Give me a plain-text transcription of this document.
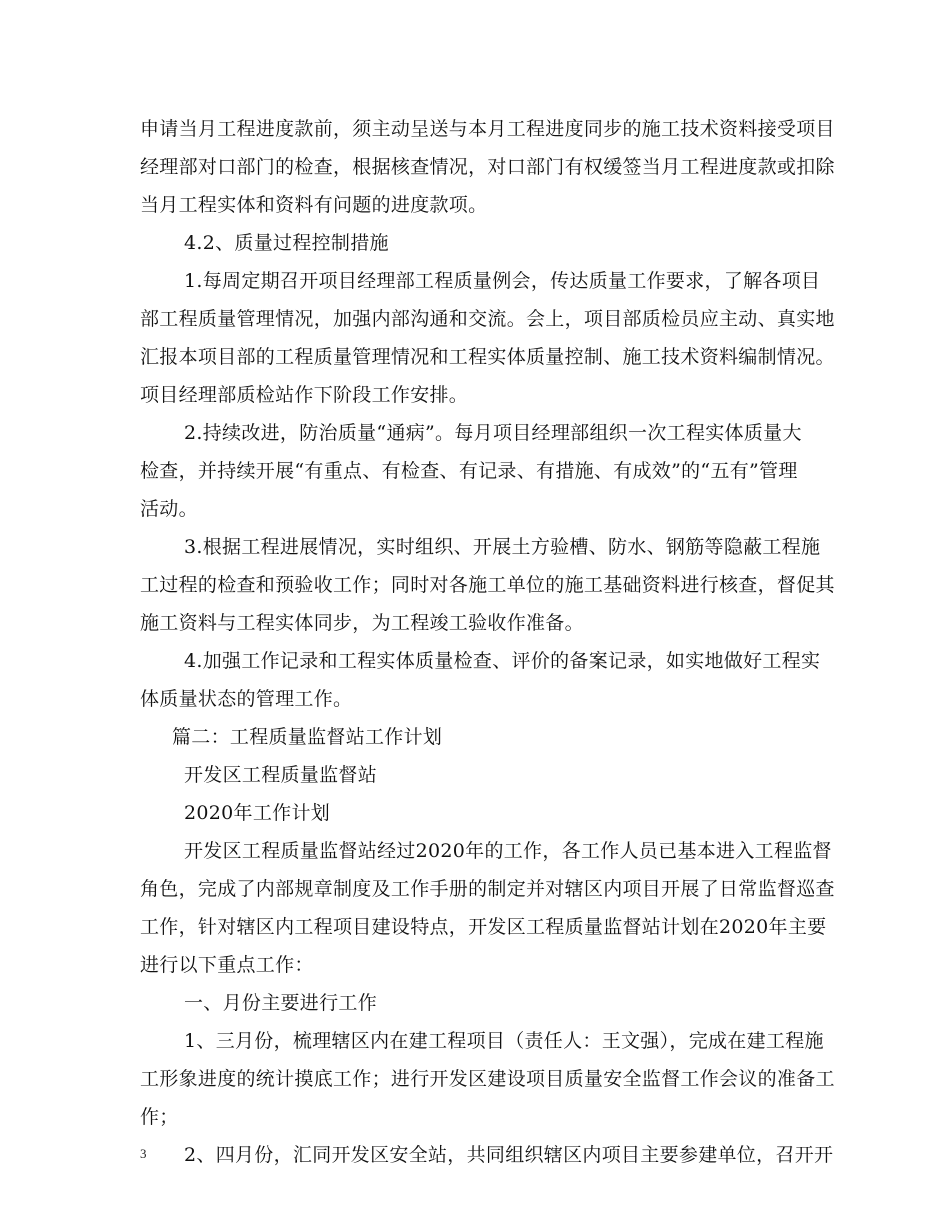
申请当月工程进度款前，须主动呈送与本月工程进度同步的施工技术资料接受项目
经理部对口部门的检查，根据核查情况，对口部门有权缓签当月工程进度款或扣除
当月工程实体和资料有问题的进度款项。
4.2、质量过程控制措施
1.每周定期召开项目经理部工程质量例会，传达质量工作要求，了解各项目
部工程质量管理情况，加强内部沟通和交流。会上，项目部质检员应主动、真实地
汇报本项目部的工程质量管理情况和工程实体质量控制、施工技术资料编制情况。
项目经理部质检站作下阶段工作安排。
2.持续改进，防治质量“通病”。每月项目经理部组织一次工程实体质量大
检查，并持续开展“有重点、有检查、有记录、有措施、有成效”的“五有”管理
活动。
3.根据工程进展情况，实时组织、开展土方验槽、防水、钢筋等隐蔽工程施
工过程的检查和预验收工作；同时对各施工单位的施工基础资料进行核查，督促其
施工资料与工程实体同步，为工程竣工验收作准备。
4.加强工作记录和工程实体质量检查、评价的备案记录，如实地做好工程实
体质量状态的管理工作。
篇二：工程质量监督站工作计划
开发区工程质量监督站
2020年工作计划
开发区工程质量监督站经过2020年的工作，各工作人员已基本进入工程监督
角色，完成了内部规章制度及工作手册的制定并对辖区内项目开展了日常监督巡查
工作，针对辖区内工程项目建设特点，开发区工程质量监督站计划在2020年主要
进行以下重点工作：
一、月份主要进行工作
1、三月份，梳理辖区内在建工程项目（责任人：王文强），完成在建工程施
工形象进度的统计摸底工作；进行开发区建设项目质量安全监督工作会议的准备工
作；
2、四月份，汇同开发区安全站，共同组织辖区内项目主要参建单位，召开开
3
